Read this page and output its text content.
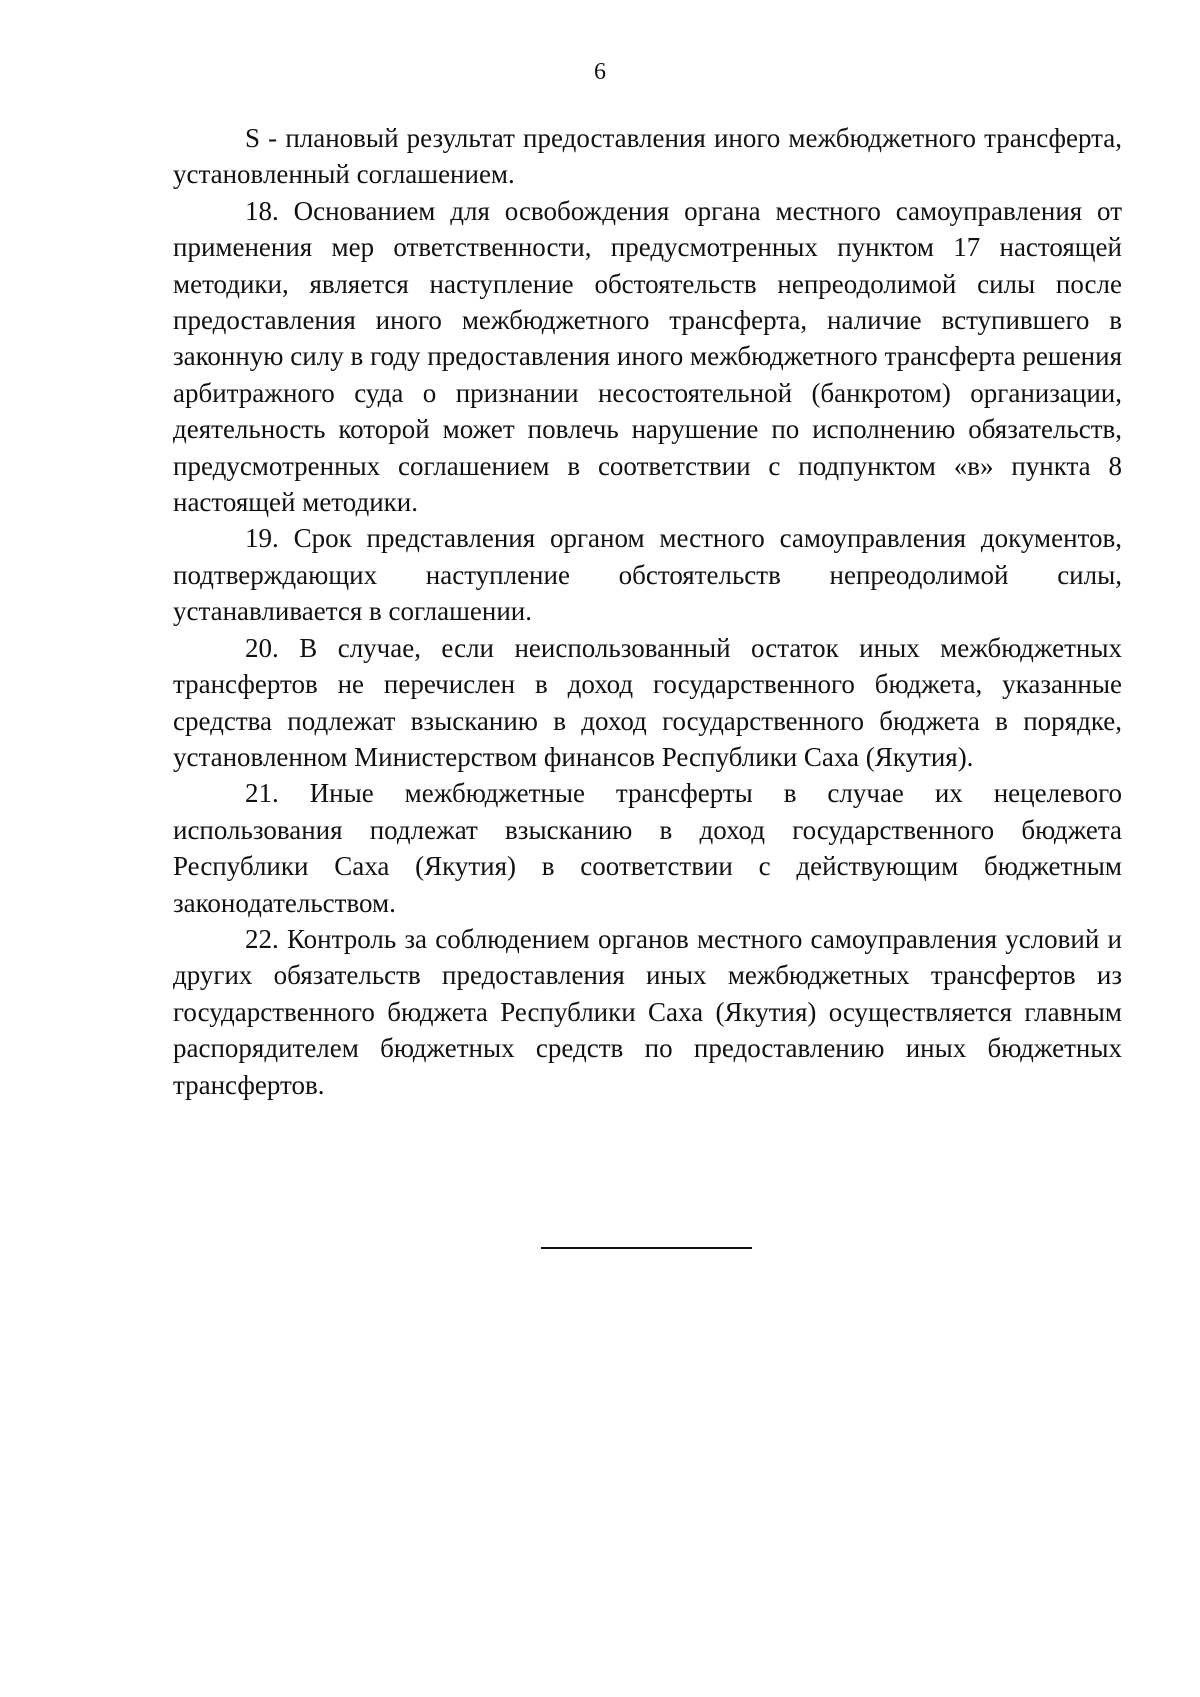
6

S - плановый результат предоставления иного межбюджетного трансферта, установленный соглашением.

18. Основанием для освобождения органа местного самоуправления от применения мер ответственности, предусмотренных пунктом 17 настоящей методики, является наступление обстоятельств непреодолимой силы после предоставления иного межбюджетного трансферта, наличие вступившего в законную силу в году предоставления иного межбюджетного трансферта решения арбитражного суда о признании несостоятельной (банкротом) организации, деятельность которой может повлечь нарушение по исполнению обязательств, предусмотренных соглашением в соответствии с подпунктом «в» пункта 8 настоящей методики.

19. Срок представления органом местного самоуправления документов, подтверждающих наступление обстоятельств непреодолимой силы, устанавливается в соглашении.

20. В случае, если неиспользованный остаток иных межбюджетных трансфертов не перечислен в доход государственного бюджета, указанные средства подлежат взысканию в доход государственного бюджета в порядке, установленном Министерством финансов Республики Саха (Якутия).

21. Иные межбюджетные трансферты в случае их нецелевого использования подлежат взысканию в доход государственного бюджета Республики Саха (Якутия) в соответствии с действующим бюджетным законодательством.

22. Контроль за соблюдением органов местного самоуправления условий и других обязательств предоставления иных межбюджетных трансфертов из государственного бюджета Республики Саха (Якутия) осуществляется главным распорядителем бюджетных средств по предоставлению иных бюджетных трансфертов.
